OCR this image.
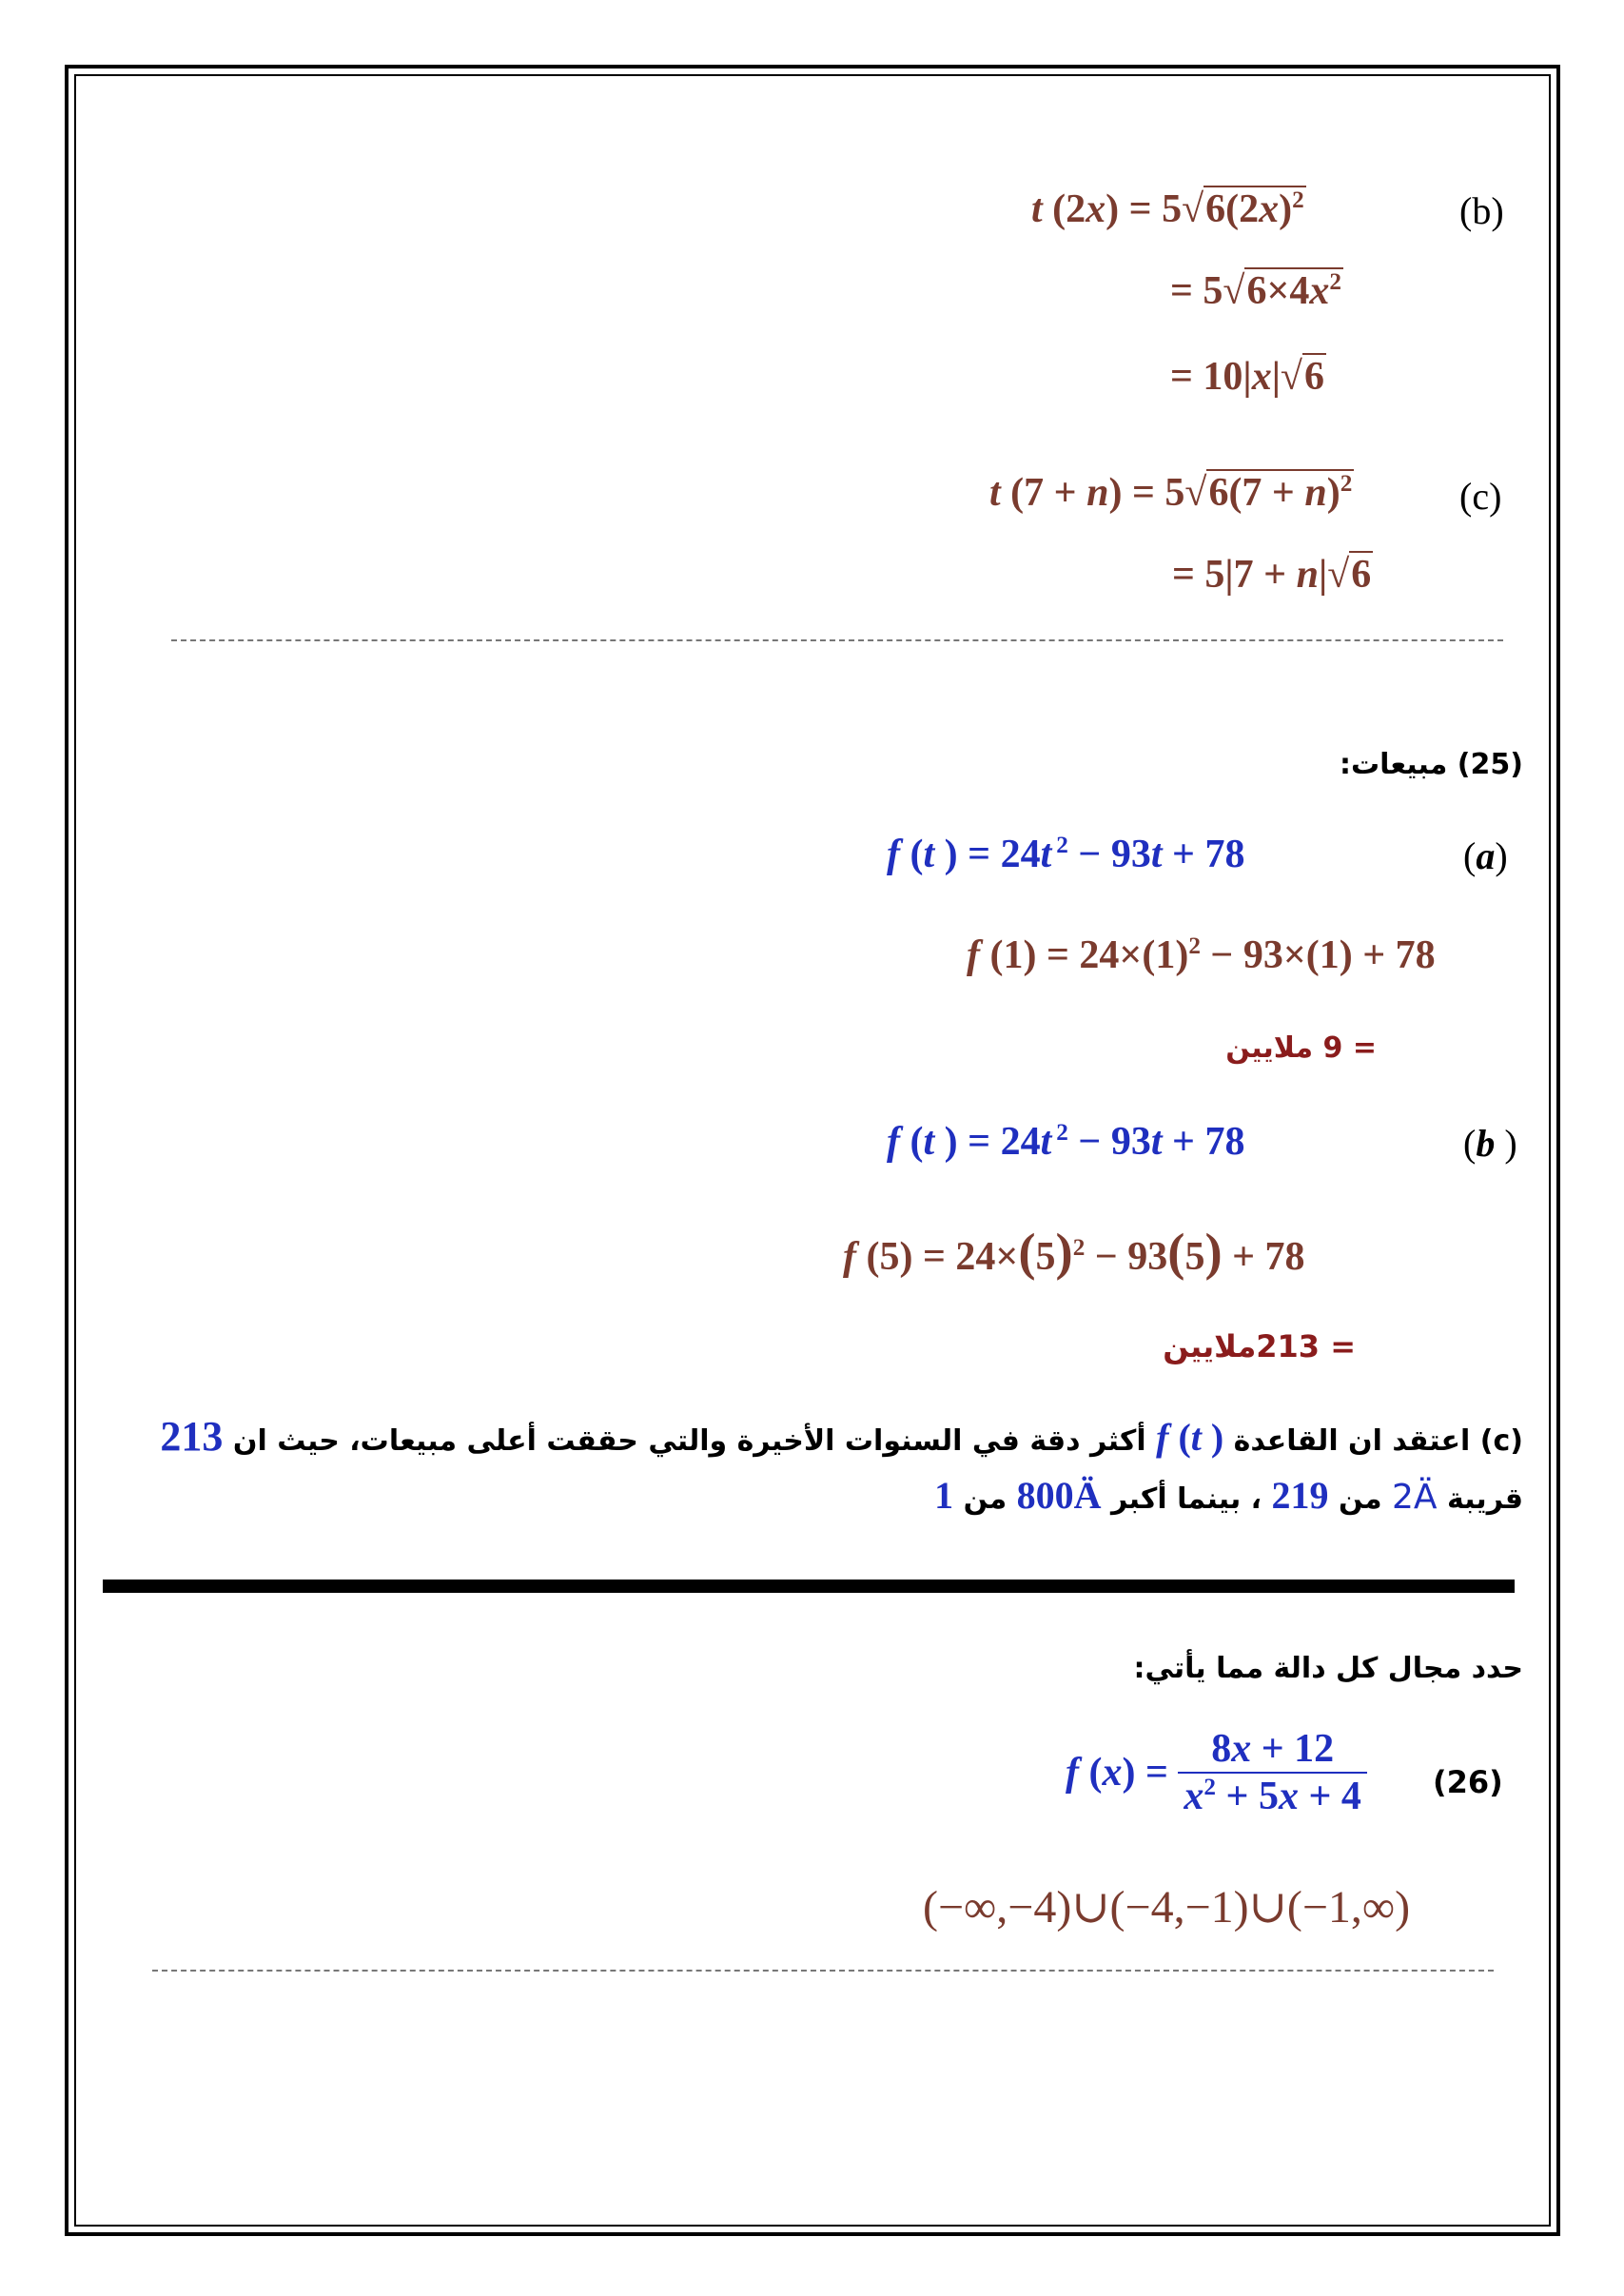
(b)
t $(2x) = 5√6(2x)^2$
= $5√6\times 4x^2$
= 10|x|√6
(c)
t $(7 + n) = 5√6(7 + n)^2$
= 5|7 + n|√6
(25) مبيعات:
(a)
f (t ) = 24t $^2$ − 93t + 78
f $(1) = 24\times(1)^2 - 93\times(1) + 78$
= 9 ملايين
(b )
f (t ) = 24t $^2$ − 93t + 78
f $(5) = 24\times(5)^2 - 93(5) + 78$
= 213ملايين
(c) اعتقد ان القاعدة f (t ) أكثر دقة في السنوات الأخيرة والتي حققت أعلى مبيعات، حيث ان 213
قريبة 2Ä من 219 ، بينما أكبر 800Ä من 1
حدد مجال كل دالة مما يأتي:
(26)
f $(x) = \frac{8x + 12}{x^2 + 5x + 4}$
(−∞,−4)∪(−4,−1)∪(−1,∞)
